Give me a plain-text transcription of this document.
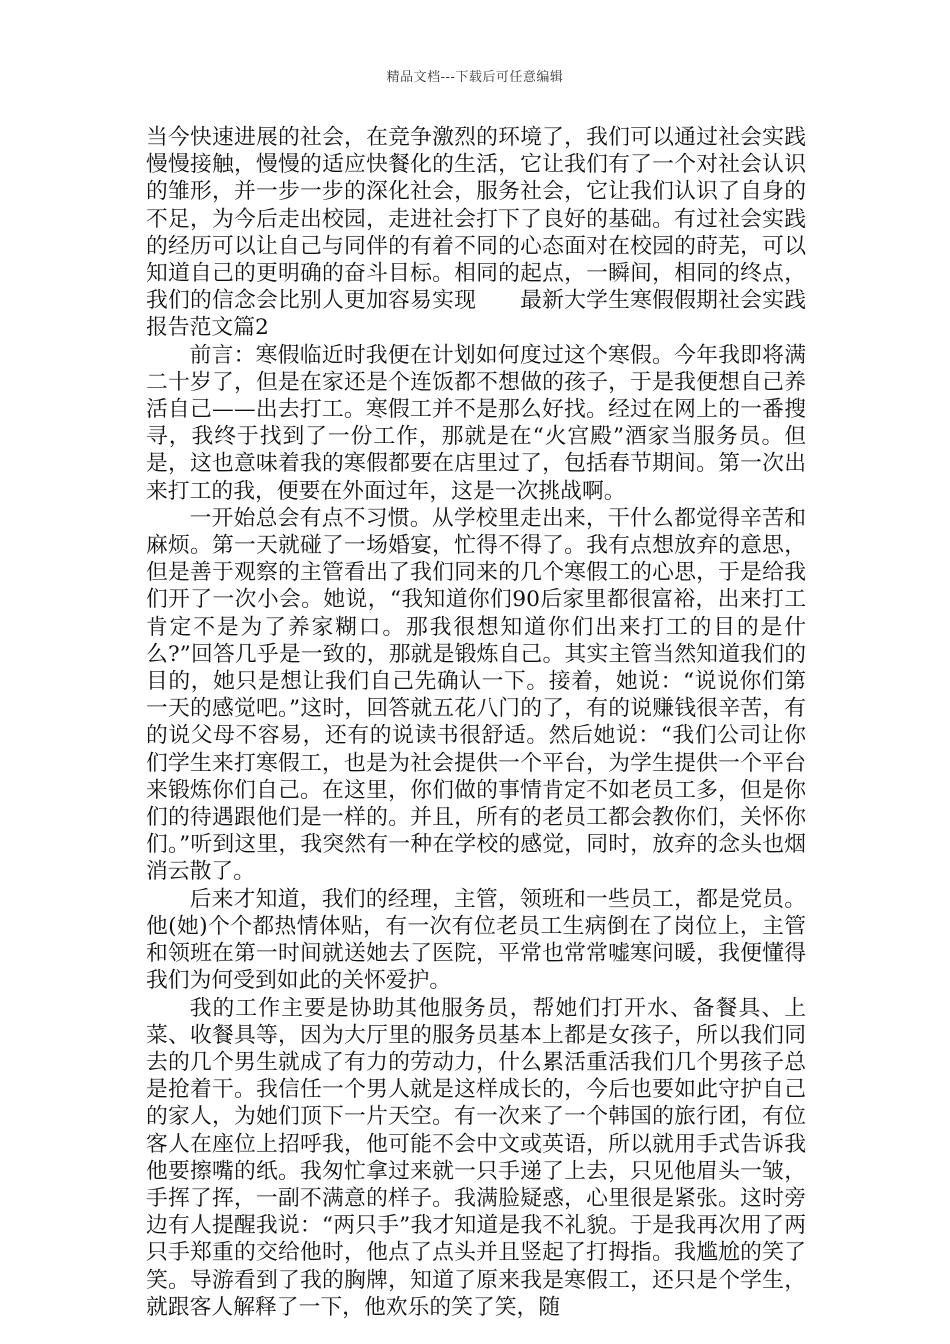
精品文档---下载后可任意编辑

当今快速进展的社会，在竞争激烈的环境了，我们可以通过社会实践慢慢接触，慢慢的适应快餐化的生活，它让我们有了一个对社会认识的雏形，并一步一步的深化社会，服务社会，它让我们认识了自身的不足，为今后走出校园，走进社会打下了良好的基础。有过社会实践的经历可以让自己与同伴的有着不同的心态面对在校园的莳芜，可以知道自己的更明确的奋斗目标。相同的起点，一瞬间，相同的终点，我们的信念会比别人更加容易实现　　最新大学生寒假假期社会实践报告范文篇2

前言：寒假临近时我便在计划如何度过这个寒假。今年我即将满二十岁了，但是在家还是个连饭都不想做的孩子，于是我便想自己养活自己——出去打工。寒假工并不是那么好找。经过在网上的一番搜寻，我终于找到了一份工作，那就是在“火宫殿”酒家当服务员。但是，这也意味着我的寒假都要在店里过了，包括春节期间。第一次出来打工的我，便要在外面过年，这是一次挑战啊。

一开始总会有点不习惯。从学校里走出来，干什么都觉得辛苦和麻烦。第一天就碰了一场婚宴，忙得不得了。我有点想放弃的意思，但是善于观察的主管看出了我们同来的几个寒假工的心思，于是给我们开了一次小会。她说，“我知道你们90后家里都很富裕，出来打工肯定不是为了养家糊口。那我很想知道你们出来打工的目的是什么?”回答几乎是一致的，那就是锻炼自己。其实主管当然知道我们的目的，她只是想让我们自己先确认一下。接着，她说：“说说你们第一天的感觉吧。”这时，回答就五花八门的了，有的说赚钱很辛苦，有的说父母不容易，还有的说读书很舒适。然后她说：“我们公司让你们学生来打寒假工，也是为社会提供一个平台，为学生提供一个平台来锻炼你们自己。在这里，你们做的事情肯定不如老员工多，但是你们的待遇跟他们是一样的。并且，所有的老员工都会教你们，关怀你们。”听到这里，我突然有一种在学校的感觉，同时，放弃的念头也烟消云散了。

后来才知道，我们的经理，主管，领班和一些员工，都是党员。他(她)个个都热情体贴，有一次有位老员工生病倒在了岗位上，主管和领班在第一时间就送她去了医院，平常也常常嘘寒问暖，我便懂得我们为何受到如此的关怀爱护。

我的工作主要是协助其他服务员，帮她们打开水、备餐具、上菜、收餐具等，因为大厅里的服务员基本上都是女孩子，所以我们同去的几个男生就成了有力的劳动力，什么累活重活我们几个男孩子总是抢着干。我信任一个男人就是这样成长的，今后也要如此守护自己的家人，为她们顶下一片天空。有一次来了一个韩国的旅行团，有位客人在座位上招呼我，他可能不会中文或英语，所以就用手式告诉我他要擦嘴的纸。我匆忙拿过来就一只手递了上去，只见他眉头一皱，手挥了挥，一副不满意的样子。我满脸疑惑，心里很是紧张。这时旁边有人提醒我说：“两只手”我才知道是我不礼貌。于是我再次用了两只手郑重的交给他时，他点了点头并且竖起了打拇指。我尴尬的笑了笑。导游看到了我的胸牌，知道了原来我是寒假工，还只是个学生，就跟客人解释了一下，他欢乐的笑了笑，随
